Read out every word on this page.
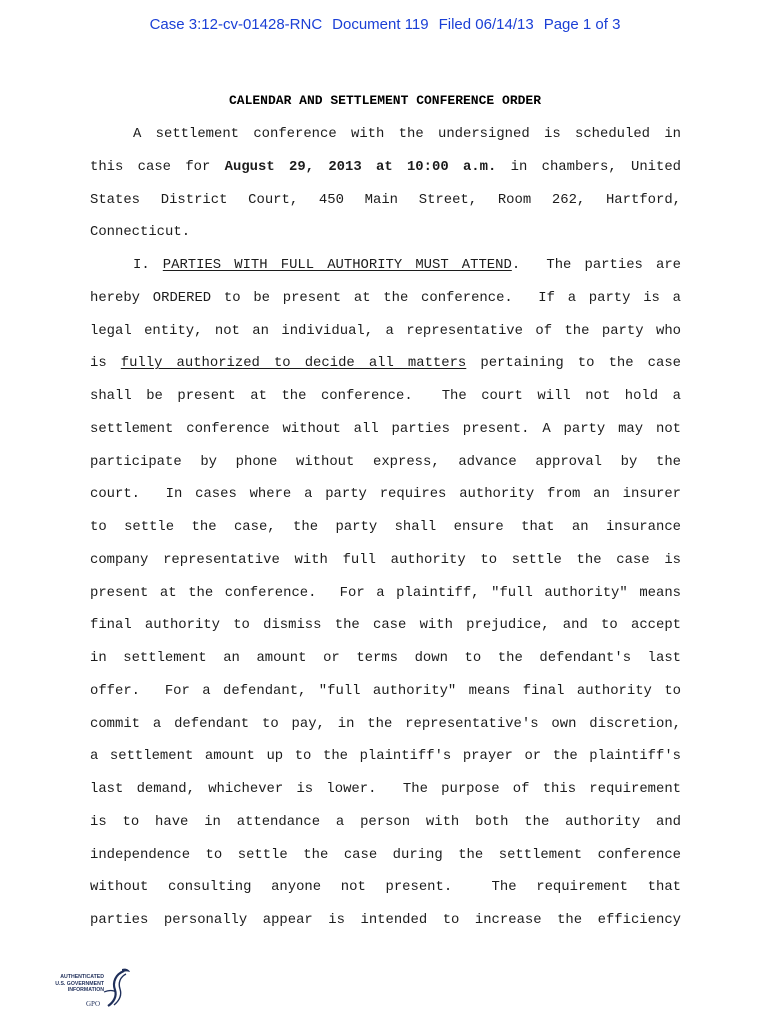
Case 3:12-cv-01428-RNC Document 119 Filed 06/14/13 Page 1 of 3
CALENDAR AND SETTLEMENT CONFERENCE ORDER
A settlement conference with the undersigned is scheduled in
this case for August 29, 2013 at 10:00 a.m. in chambers, United
States District Court, 450 Main Street, Room 262, Hartford,
Connecticut.
I. PARTIES WITH FULL AUTHORITY MUST ATTEND.  The parties are
hereby ORDERED to be present at the conference.  If a party is a
legal entity, not an individual, a representative of the party who
is fully authorized to decide all matters pertaining to the case
shall be present at the conference.  The court will not hold a
settlement conference without all parties present. A party may not
participate by phone without express, advance approval by the
court.  In cases where a party requires authority from an insurer
to settle the case, the party shall ensure that an insurance
company representative with full authority to settle the case is
present at the conference.  For a plaintiff, "full authority" means
final authority to dismiss the case with prejudice, and to accept
in settlement an amount or terms down to the defendant's last
offer.  For a defendant, "full authority" means final authority to
commit a defendant to pay, in the representative's own discretion,
a settlement amount up to the plaintiff's prayer or the plaintiff's
last demand, whichever is lower.  The purpose of this requirement
is to have in attendance a person with both the authority and
independence to settle the case during the settlement conference
without consulting anyone not present.  The requirement that
parties personally appear is intended to increase the efficiency
AUTHENTICATED
U.S. GOVERNMENT
INFORMATION
GPO
